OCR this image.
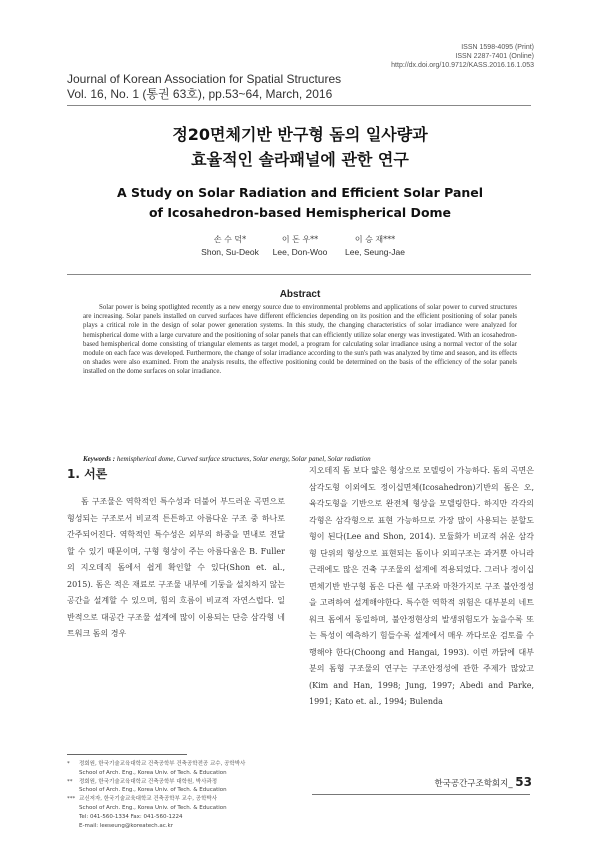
ISSN 1598-4095 (Print)
ISSN 2287-7401 (Online)
http://dx.doi.org/10.9712/KASS.2016.16.1.053
Journal of Korean Association for Spatial Structures
Vol. 16, No. 1 (통권 63호), pp.53~64, March, 2016
정20면체기반 반구형 돔의 일사량과
효율적인 솔라패널에 관한 연구
A Study on Solar Radiation and Efficient Solar Panel
of Icosahedron-based Hemispherical Dome
손 수 덕*
Shon, Su-Deok
이 돈 우**
Lee, Don-Woo
이 승 재***
Lee, Seung-Jae
Abstract
Solar power is being spotlighted recently as a new energy source due to environmental problems and applications of solar power to curved structures are increasing. Solar panels installed on curved surfaces have different efficiencies depending on its position and the efficient positioning of solar panels plays a critical role in the design of solar power generation systems. In this study, the changing characteristics of solar irradiance were analyzed for hemispherical dome with a large curvature and the positioning of solar panels that can efficiently utilize solar energy was investigated. With an icosahedron-based hemispherical dome consisting of triangular elements as target model, a program for calculating solar irradiance using a normal vector of the solar module on each face was developed. Furthermore, the change of solar irradiance according to the sun's path was analyzed by time and season, and its effects on shades were also examined. From the analysis results, the effective positioning could be determined on the basis of the efficiency of the solar panels installed on the dome surfaces on solar irradiance.
Keywords : hemispherical dome, Curved surface structures, Solar energy, Solar panel, Solar radiation
1. 서론

돔 구조물은 역학적인 특수성과 더불어 부드러운 곡면으로 형성되는 구조로서 비교적 튼튼하고 아름다운 구조 중 하나로 간주되어진다. 역학적인 특수성은 외부의 하중을 면내로 전달할 수 있기 때문이며, 구형 형상이 주는 아름다움은 B. Fuller의 지오데직 돔에서 쉽게 확인할 수 있다(Shon et. al., 2015). 돔은 적은 재료로 구조물 내부에 기둥을 설치하지 않는 공간을 설계할 수 있으며, 힘의 흐름이 비교적 자연스럽다. 일반적으로 대공간 구조물 설계에 많이 이용되는 단층 삼각형 네트워크 돔의 경우

지오데직 돔 보다 얇은 형상으로 모델링이 가능하다. 돔의 곡면은 삼각도형 이외에도 정이십면체(Icosahedron)기반의 돔은 오, 육각도형을 기반으로 완전체 형상을 모델링한다. 하지만 각각의 각형은 삼각형으로 표현 가능하므로 가장 많이 사용되는 분할도형이 된다(Lee and Shon, 2014). 모듈화가 비교적 쉬운 삼각형 단위의 형상으로 표현되는 돔이나 외피구조는 과거뿐 아니라 근래에도 많은 건축 구조물의 설계에 적용되었다. 그러나 정이십면체기반 반구형 돔은 다른 쉘 구조와 마찬가지로 구조 불안정성을 고려하여 설계해야한다. 특수한 역학적 위험은 대부분의 네트워크 돔에서 동일하며, 불안정현상의 발생위험도가 높을수록 또는 특성이 예측하기 힘들수록 설계에서 매우 까다로운 검토를 수행해야 한다(Choong and Hangai, 1993). 이런 까닭에 대부분의 돔형 구조물의 연구는 구조안정성에 관한 주제가 많았고(Kim and Han, 1998; Jung, 1997; Abedi and Parke, 1991; Kato et. al., 1994; Bulenda

*	정회원, 한국기술교육대학교 건축공학부 건축공학전공 교수, 공학박사
School of Arch. Eng., Korea Univ. of Tech. & Education
**	정회원, 한국기술교육대학교 건축공학부 대학원, 박사과정
School of Arch. Eng., Korea Univ. of Tech. & Education
*** 교신저자, 한국기술교육대학교 건축공학부 교수, 공학박사
School of Arch. Eng., Korea Univ. of Tech. & Education
Tel: 041-560-1334 Fax: 041-560-1224
E-mail: leeseung@koreatech.ac.kr
한국공간구조학회지_ 53
